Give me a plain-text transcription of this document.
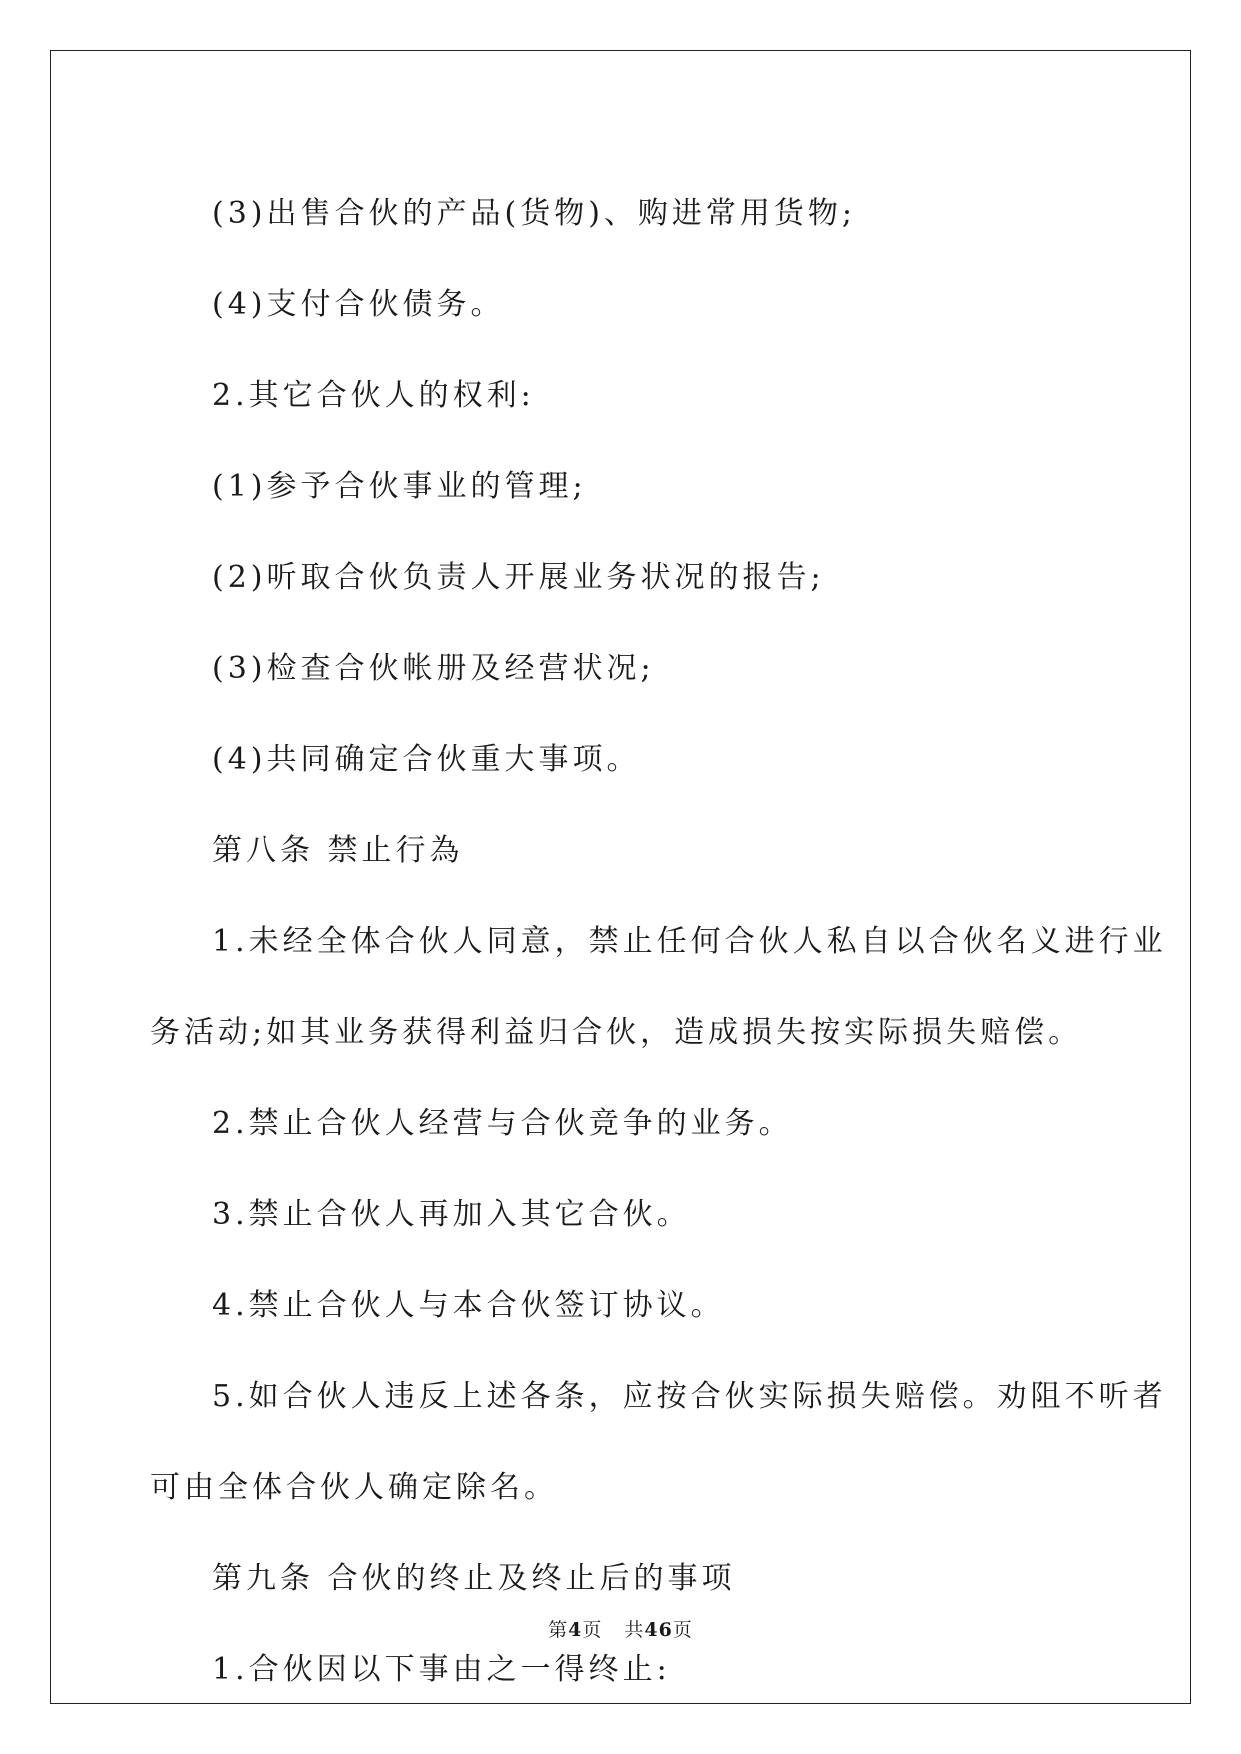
(3)出售合伙的产品(货物)、购进常用货物;
(4)支付合伙债务。
2.其它合伙人的权利:
(1)参予合伙事业的管理;
(2)听取合伙负责人开展业务状况的报告;
(3)检查合伙帐册及经营状况;
(4)共同确定合伙重大事项。
第八条 禁止行為
1.未经全体合伙人同意，禁止任何合伙人私自以合伙名义进行业
务活动;如其业务获得利益归合伙，造成损失按实际损失赔偿。
2.禁止合伙人经营与合伙竞争的业务。
3.禁止合伙人再加入其它合伙。
4.禁止合伙人与本合伙签订协议。
5.如合伙人违反上述各条，应按合伙实际损失赔偿。劝阻不听者
可由全体合伙人确定除名。
第九条 合伙的终止及终止后的事项
1.合伙因以下事由之一得终止:
第4页 共46页
